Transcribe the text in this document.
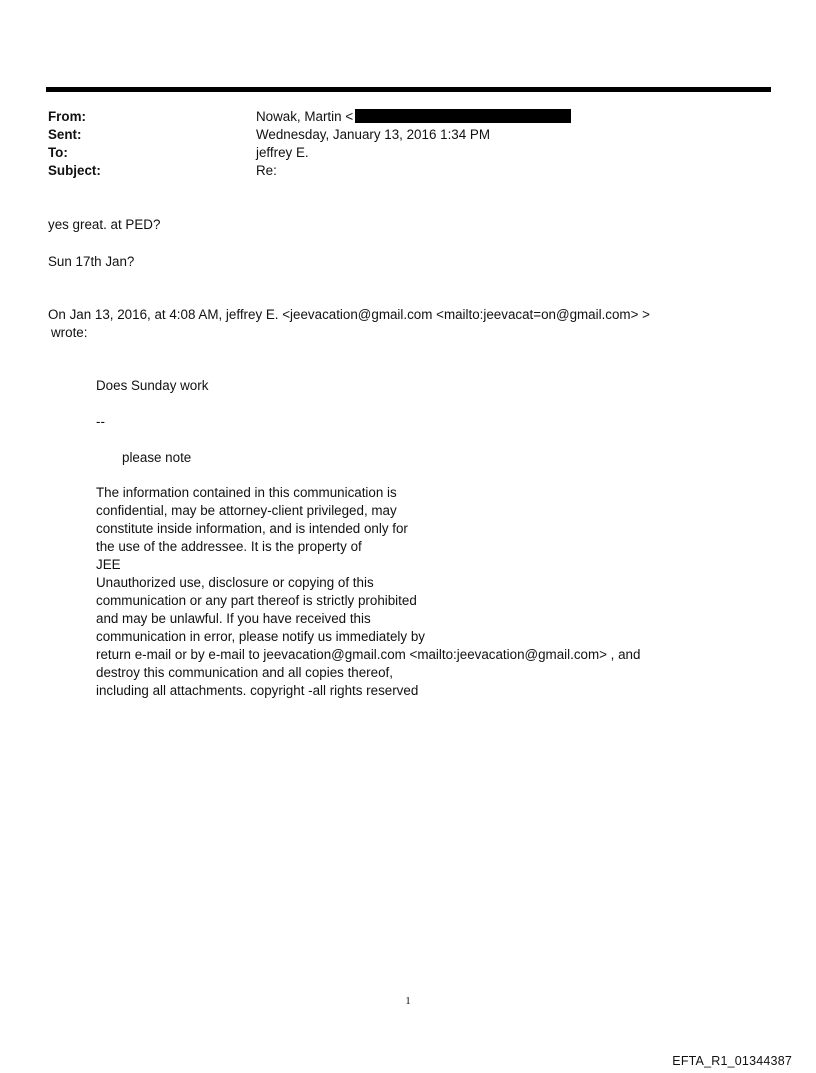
From:	Nowak, Martin <
Sent:	Wednesday, January 13, 2016 1:34 PM
To:	jeffrey E.
Subject:	Re:
yes great. at PED?
Sun 17th Jan?
On Jan 13, 2016, at 4:08 AM, jeffrey E. <jeevacation@gmail.com <mailto:jeevacat=on@gmail.com> >
wrote:
Does Sunday work
--
please note
The information contained in this communication is
confidential, may be attorney-client privileged, may
constitute inside information, and is intended only for
the use of the addressee. It is the property of
JEE
Unauthorized use, disclosure or copying of this
communication or any part thereof is strictly prohibited
and may be unlawful. If you have received this
communication in error, please notify us immediately by
return e-mail or by e-mail to jeevacation@gmail.com <mailto:jeevacation@gmail.com> , and
destroy this communication and all copies thereof,
including all attachments. copyright -all rights reserved
1
EFTA_R1_01344387
